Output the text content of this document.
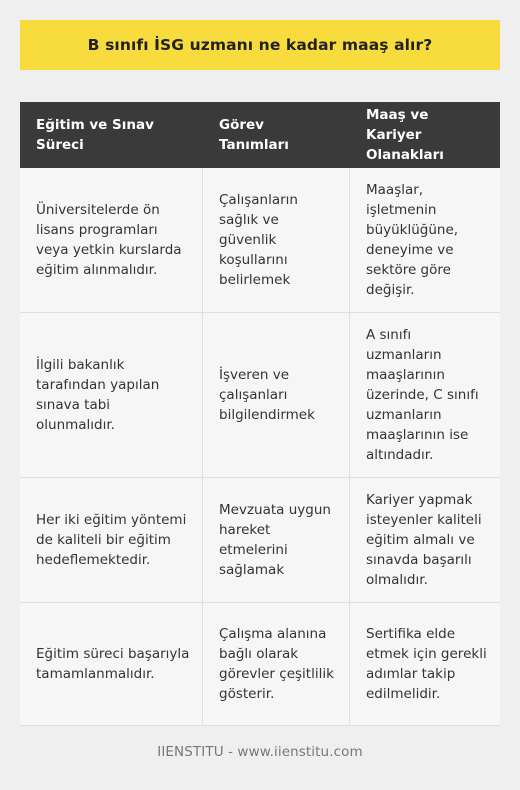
B sınıfı İSG uzmanı ne kadar maaş alır?
Eğitim ve Sınav Süreci
Görev Tanımları
Maaş ve Kariyer Olanakları
Üniversitelerde ön lisans programları veya yetkin kurslarda eğitim alınmalıdır.
Çalışanların sağlık ve güvenlik koşullarını belirlemek
Maaşlar, işletmenin büyüklüğüne, deneyime ve sektöre göre değişir.
İlgili bakanlık tarafından yapılan sınava tabi olunmalıdır.
İşveren ve çalışanları bilgilendirmek
A sınıfı uzmanların maaşlarının üzerinde, C sınıfı uzmanların maaşlarının ise altındadır.
Her iki eğitim yöntemi de kaliteli bir eğitim hedeflemektedir.
Mevzuata uygun hareket etmelerini sağlamak
Kariyer yapmak isteyenler kaliteli eğitim almalı ve sınavda başarılı olmalıdır.
Eğitim süreci başarıyla tamamlanmalıdır.
Çalışma alanına bağlı olarak görevler çeşitlilik gösterir.
Sertifika elde etmek için gerekli adımlar takip edilmelidir.
IIENSTITU - www.iienstitu.com
